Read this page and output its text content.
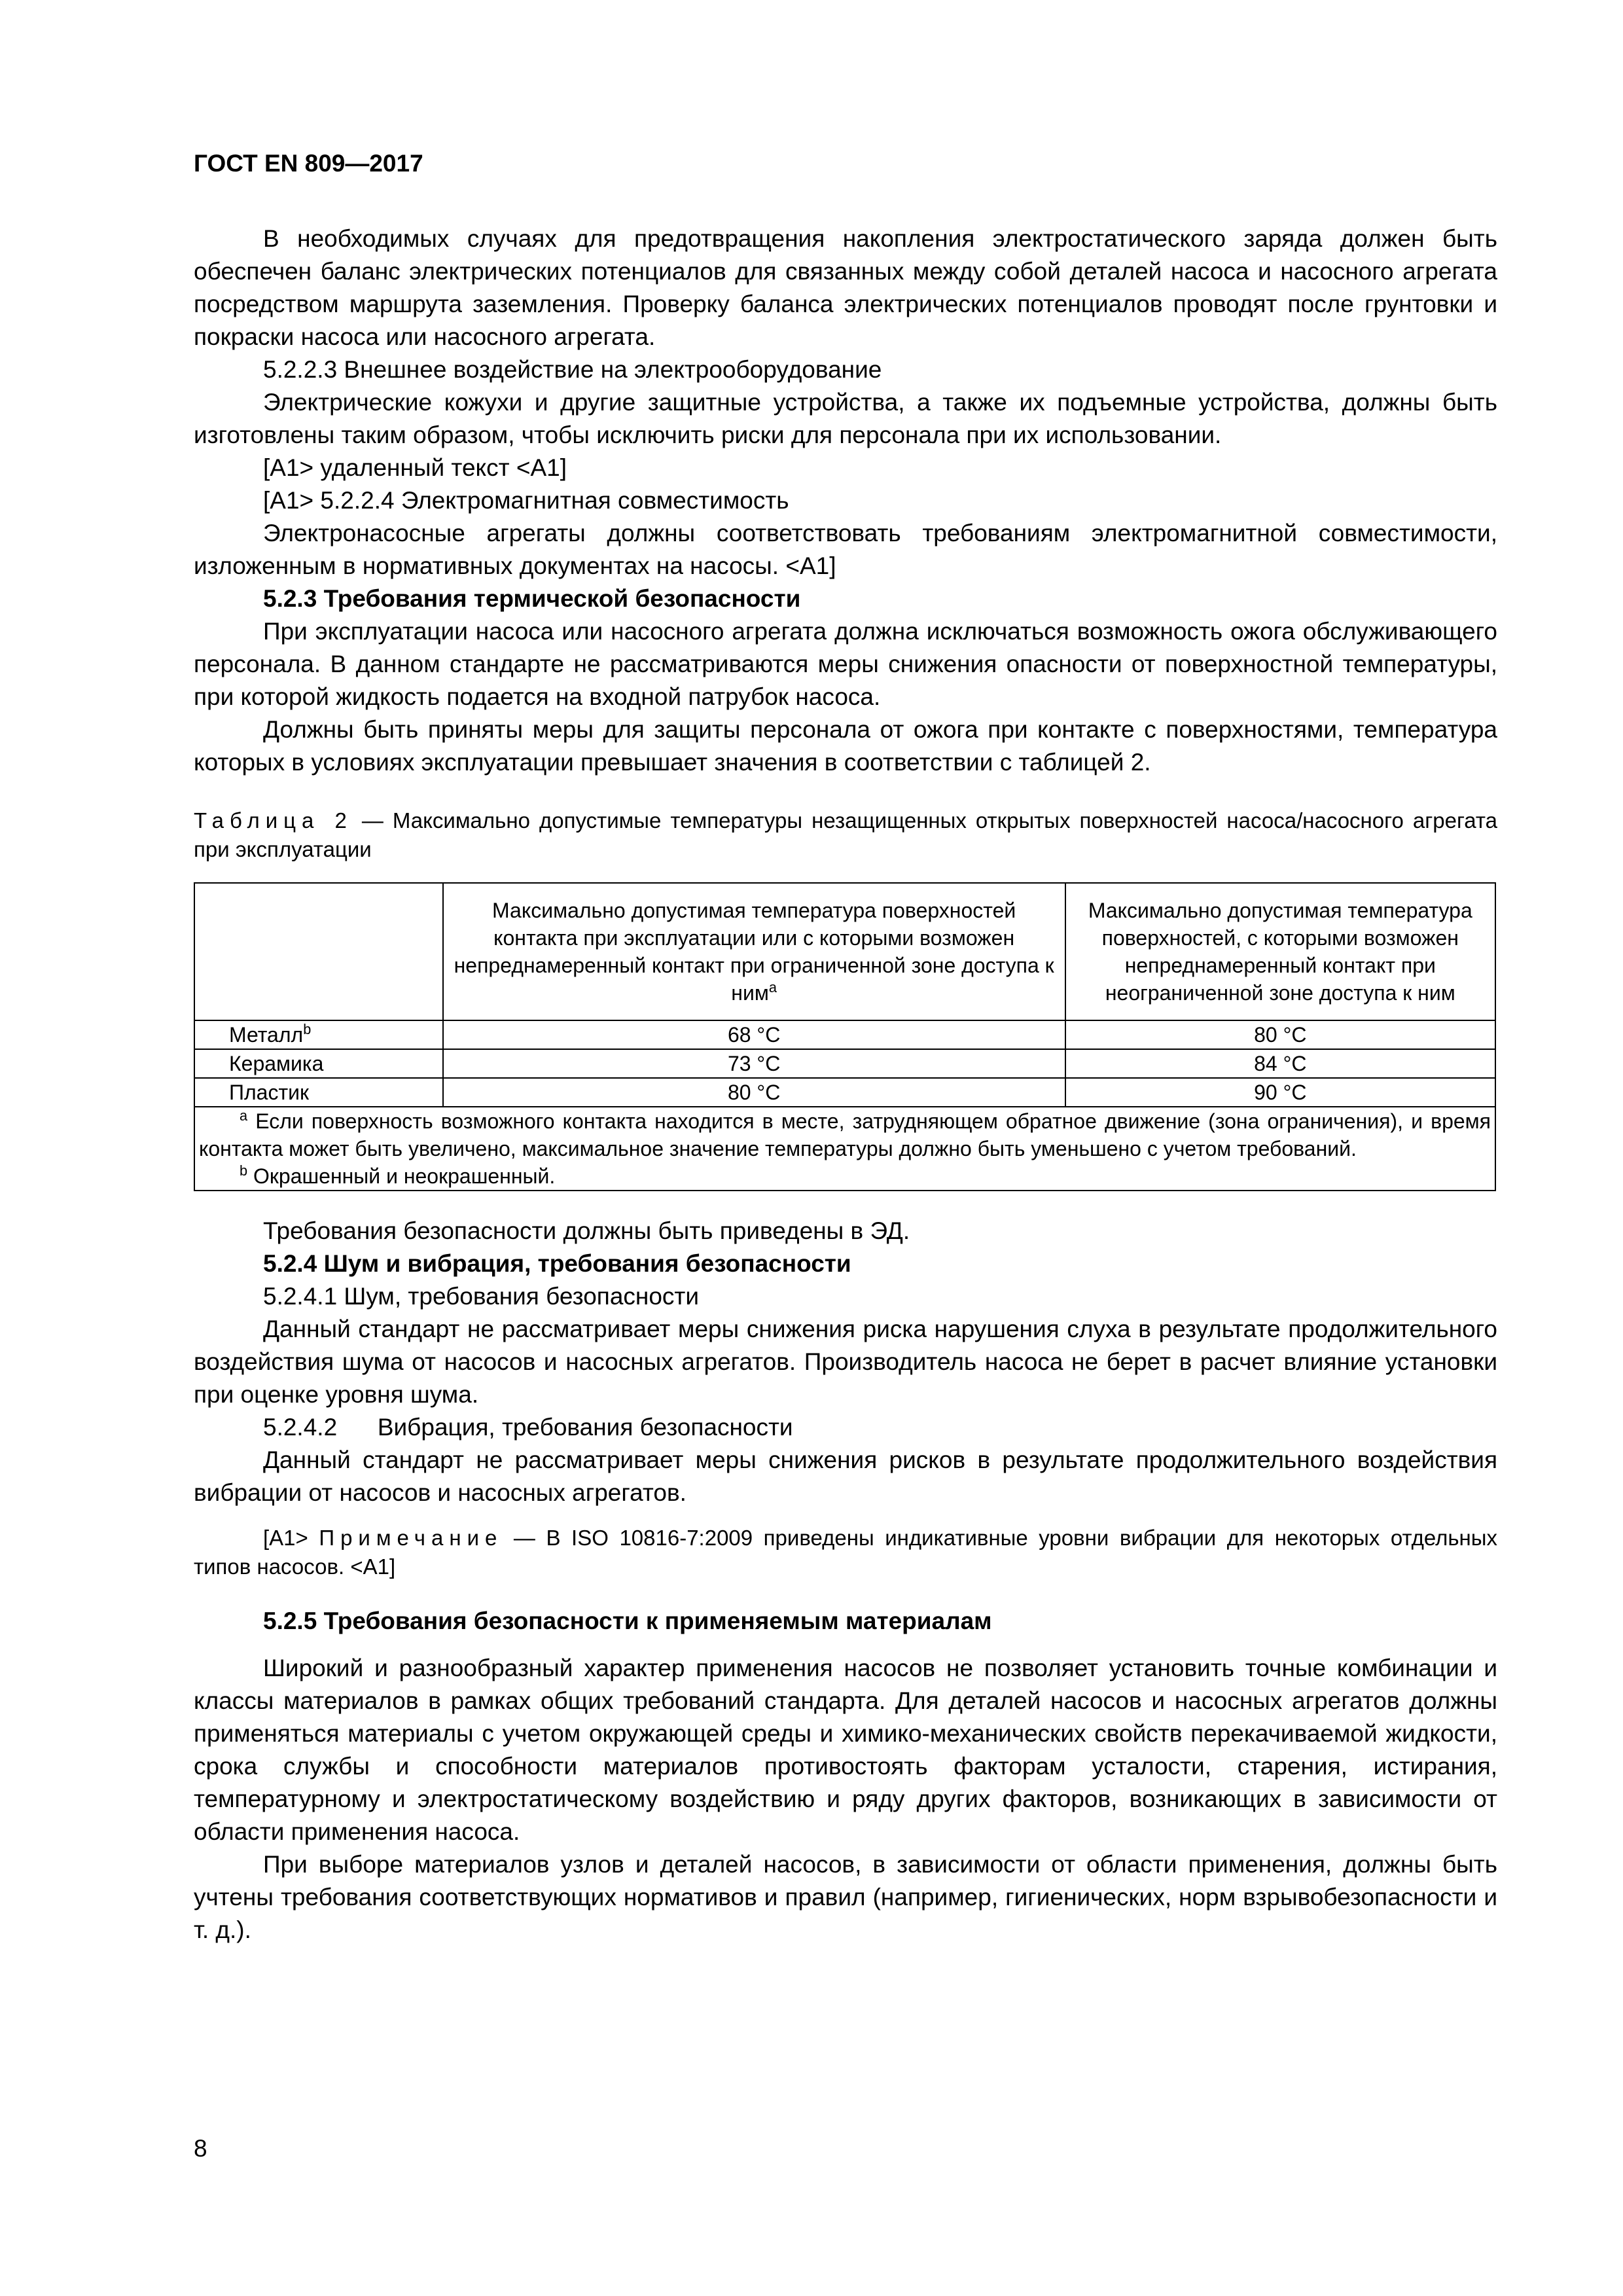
ГОСТ EN 809—2017

В необходимых случаях для предотвращения накопления электростатического заряда должен быть обеспечен баланс электрических потенциалов для связанных между собой деталей насоса и насосного агрегата посредством маршрута заземления. Проверку баланса электрических потенциалов проводят после грунтовки и покраски насоса или насосного агрегата.

5.2.2.3 Внешнее воздействие на электрооборудование

Электрические кожухи и другие защитные устройства, а также их подъемные устройства, должны быть изготовлены таким образом, чтобы исключить риски для персонала при их использовании.

[A1> удаленный текст <A1]

[A1> 5.2.2.4 Электромагнитная совместимость

Электронасосные агрегаты должны соответствовать требованиям электромагнитной совместимости, изложенным в нормативных документах на насосы. <A1]

5.2.3 Требования термической безопасности

При эксплуатации насоса или насосного агрегата должна исключаться возможность ожога обслуживающего персонала. В данном стандарте не рассматриваются меры снижения опасности от поверхностной температуры, при которой жидкость подается на входной патрубок насоса.

Должны быть приняты меры для защиты персонала от ожога при контакте с поверхностями, температура которых в условиях эксплуатации превышает значения в соответствии с таблицей 2.

Таблица 2 — Максимально допустимые температуры незащищенных открытых поверхностей насоса/насосного агрегата при эксплуатации
	Максимально допустимая температура поверхностей контакта при эксплуатации или с которыми возможен непреднамеренный контакт при ограниченной зоне доступа к ним$^a$	Максимально допустимая температура поверхностей, с которыми возможен непреднамеренный контакт при неограниченной зоне доступа к ним
Металл$^b$	68 °C	80 °C
Керамика	73 °C	84 °C
Пластик	80 °C	90 °C

$^a$ Если поверхность возможного контакта находится в месте, затрудняющем обратное движение (зона ограничения), и время контакта может быть увеличено, максимальное значение температуры должно быть уменьшено с учетом требований.

$^b$ Окрашенный и неокрашенный.		

Требования безопасности должны быть приведены в ЭД.

5.2.4 Шум и вибрация, требования безопасности

5.2.4.1 Шум, требования безопасности

Данный стандарт не рассматривает меры снижения риска нарушения слуха в результате продолжительного воздействия шума от насосов и насосных агрегатов. Производитель насоса не берет в расчет влияние установки при оценке уровня шума.

5.2.4.2      Вибрация, требования безопасности

Данный стандарт не рассматривает меры снижения рисков в результате продолжительного воздействия вибрации от насосов и насосных агрегатов.

[A1> Примечание — В ISO 10816-7:2009 приведены индикативные уровни вибрации для некоторых отдельных типов насосов. <A1]

5.2.5 Требования безопасности к применяемым материалам

Широкий и разнообразный характер применения насосов не позволяет установить точные комбинации и классы материалов в рамках общих требований стандарта. Для деталей насосов и насосных агрегатов должны применяться материалы с учетом окружающей среды и химико-механических свойств перекачиваемой жидкости, срока службы и способности материалов противостоять факторам усталости, старения, истирания, температурному и электростатическому воздействию и ряду других факторов, возникающих в зависимости от области применения насоса.

При выборе материалов узлов и деталей насосов, в зависимости от области применения, должны быть учтены требования соответствующих нормативов и правил (например, гигиенических, норм взрывобезопасности и т. д.).

8
